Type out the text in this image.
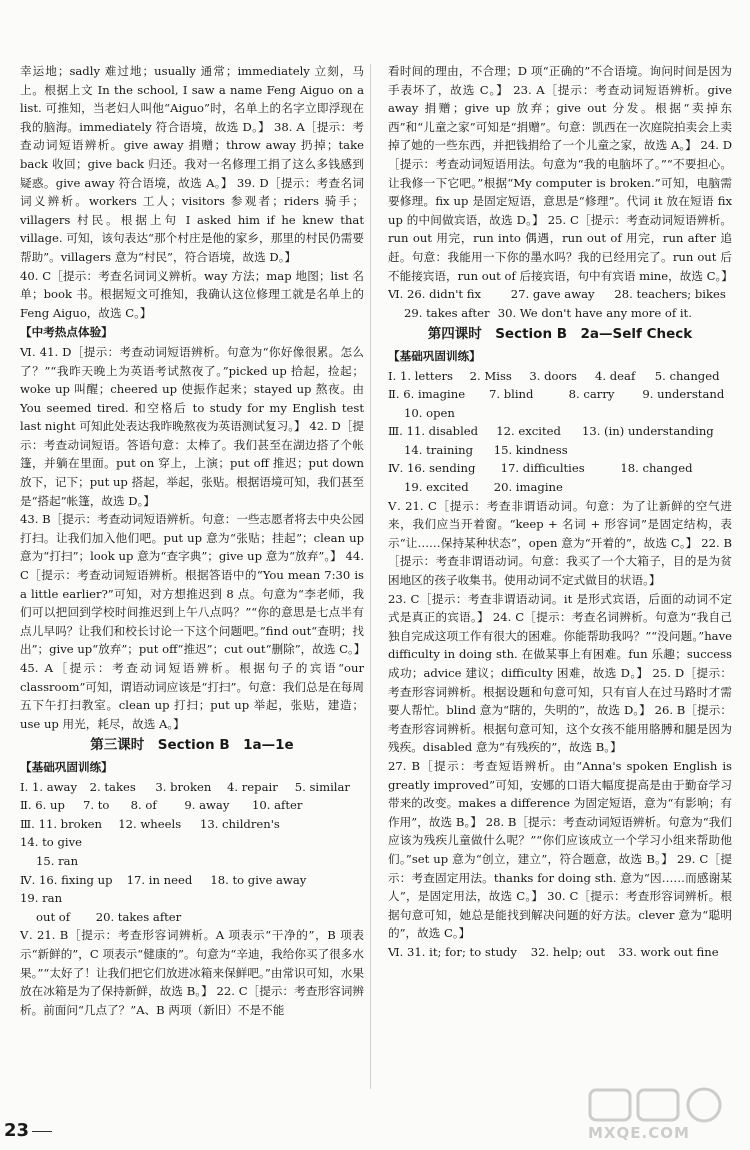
幸运地；sadly 难过地；usually 通常；immediately 立刻，马上。根据上文 In the school, I saw a name Feng Aiguo on a list. 可推知，当老妇人叫他“Aiguo”时，名单上的名字立即浮现在我的脑海。immediately 符合语境，故选 D。】 38. A［提示：考查动词短语辨析。give away 捐赠；throw away 扔掉；take back 收回；give back 归还。我对一名修理工捐了这么多钱感到疑惑。give away 符合语境，故选 A。】 39. D［提示：考查名词词义辨析。workers 工人；visitors 参观者；riders 骑手；villagers 村民。根据上句 I asked him if he knew that village. 可知，该句表达“那个村庄是他的家乡，那里的村民仍需要帮助”。villagers 意为“村民”，符合语境，故选 D。】

40. C［提示：考查名词词义辨析。way 方法；map 地图；list 名单；book 书。根据短文可推知，我确认这位修理工就是名单上的 Feng Aiguo，故选 C。】

【中考热点体验】

Ⅵ. 41. D［提示：考查动词短语辨析。句意为“你好像很累。怎么了？”“我昨天晚上为英语考试熬夜了。”picked up 拾起，捡起；woke up 叫醒；cheered up 使振作起来；stayed up 熬夜。由 You seemed tired. 和空格后 to study for my English test last night 可知此处表达我昨晚熬夜为英语测试复习。】 42. D［提示：考查动词短语。答语句意：太棒了。我们甚至在湖边搭了个帐篷，并躺在里面。put on 穿上，上演；put off 推迟；put down 放下，记下；put up 搭起，举起，张贴。根据语境可知，我们甚至是“搭起”帐篷，故选 D。】

43. B［提示：考查动词短语辨析。句意：一些志愿者将去中央公园打扫。让我们加入他们吧。put up 意为“张贴；挂起”；clean up 意为“打扫”；look up 意为“查字典”；give up 意为“放弃”。】 44. C［提示：考查动词短语辨析。根据答语中的“You mean 7:30 is a little earlier?”可知，对方想推迟到 8 点。句意为“李老师，我们可以把回到学校时间推迟到上午八点吗？”“你的意思是七点半有点儿早吗？让我们和校长讨论一下这个问题吧。”find out“查明；找出”；give up“放弃”；put off“推迟”；cut out“删除”，故选 C。】

45. A［提示：考查动词短语辨析。根据句子的宾语“our classroom”可知，谓语动词应该是“打扫”。句意：我们总是在每周五下午打扫教室。clean up 打扫；put up 举起，张贴，建造；use up 用光，耗尽，故选 A。】

第三课时　Section B　1a—1e

【基础巩固训练】

Ⅰ. 1. away 2. takes 3. broken 4. repair 5. similar

Ⅱ. 6. up 7. to 8. of 9. away 10. after

Ⅲ. 11. broken 12. wheels 13. children's 14. to give

15. ran

Ⅳ. 16. fixing up 17. in need 18. to give away 19. ran

out of 20. takes after

Ⅴ. 21. B［提示：考查形容词辨析。A 项表示“干净的”，B 项表示“新鲜的”，C 项表示“健康的”。句意为“辛迪，我给你买了很多水果。”“太好了！让我们把它们放进冰箱来保鲜吧。”由常识可知，水果放在冰箱是为了保持新鲜，故选 B。】 22. C［提示：考查形容词辨析。前面问“几点了？”A、B 两项（新旧）不是不能

看时间的理由，不合理；D 项“正确的”不合语境。询问时间是因为手表坏了，故选 C。】 23. A［提示：考查动词短语辨析。give away 捐赠；give up 放弃；give out 分发。根据“卖掉东西”和“儿童之家”可知是“捐赠”。句意：凯西在一次庭院拍卖会上卖掉了她的一些东西，并把钱捐给了一个儿童之家，故选 A。】 24. D［提示：考查动词短语用法。句意为“我的电脑坏了。”“不要担心。让我修一下它吧。”根据“My computer is broken.”可知，电脑需要修理。fix up 是固定短语，意思是“修理”。代词 it 放在短语 fix up 的中间做宾语，故选 D。】 25. C［提示：考查动词短语辨析。run out 用完，run into 偶遇，run out of 用完，run after 追赶。句意：我能用一下你的墨水吗？我的已经用完了。run out 后不能接宾语，run out of 后接宾语，句中有宾语 mine，故选 C。】

Ⅵ. 26. didn't fix	27. gave away 28. teachers; bikes

29. takes after 30. We don't have any more of it.

第四课时　Section B　2a—Self Check

【基础巩固训练】

Ⅰ. 1. letters 2. Miss 3. doors 4. deaf 5. changed

Ⅱ. 6. imagine 7. blind	8. carry 9. understand

10. open

Ⅲ. 11. disabled 12. excited 13. (in) understanding

14. training 15. kindness

Ⅳ. 16. sending 17. difficulties	18. changed

19. excited 20. imagine

Ⅴ. 21. C［提示：考查非谓语动词。句意：为了让新鲜的空气进来，我们应当开着窗。“keep + 名词 + 形容词”是固定结构，表示“让……保持某种状态”，open 意为“开着的”，故选 C。】 22. B［提示：考查非谓语动词。句意：我买了一个大箱子，目的是为贫困地区的孩子收集书。使用动词不定式做目的状语。】

23. C［提示：考查非谓语动词。it 是形式宾语，后面的动词不定式是真正的宾语。】 24. C［提示：考查名词辨析。句意为“我自己独自完成这项工作有很大的困难。你能帮助我吗？”“没问题。”have difficulty in doing sth. 在做某事上有困难。fun 乐趣；success 成功；advice 建议；difficulty 困难，故选 D。】 25. D［提示：考查形容词辨析。根据设题和句意可知，只有盲人在过马路时才需要人帮忙。blind 意为“瞎的，失明的”，故选 D。】 26. B［提示：考查形容词辨析。根据句意可知，这个女孩不能用胳膊和腿是因为残疾。disabled 意为“有残疾的”，故选 B。】

27. B［提示：考查短语辨析。由“Anna's spoken English is greatly improved”可知，安娜的口语大幅度提高是由于勤奋学习带来的改变。makes a difference 为固定短语，意为“有影响；有作用”，故选 B。】 28. B［提示：考查动词短语辨析。句意为“我们应该为残疾儿童做什么呢？”“你们应该成立一个学习小组来帮助他们。”set up 意为“创立，建立”，符合题意，故选 B。】 29. C［提示：考查固定用法。thanks for doing sth. 意为“因……而感谢某人”，是固定用法，故选 C。】 30. C［提示：考查形容词辨析。根据句意可知，她总是能找到解决问题的好方法。clever 意为“聪明的”，故选 C。】

Ⅵ. 31. it; for; to study 32. help; out 33. work out fine

23	MXQE.COM
